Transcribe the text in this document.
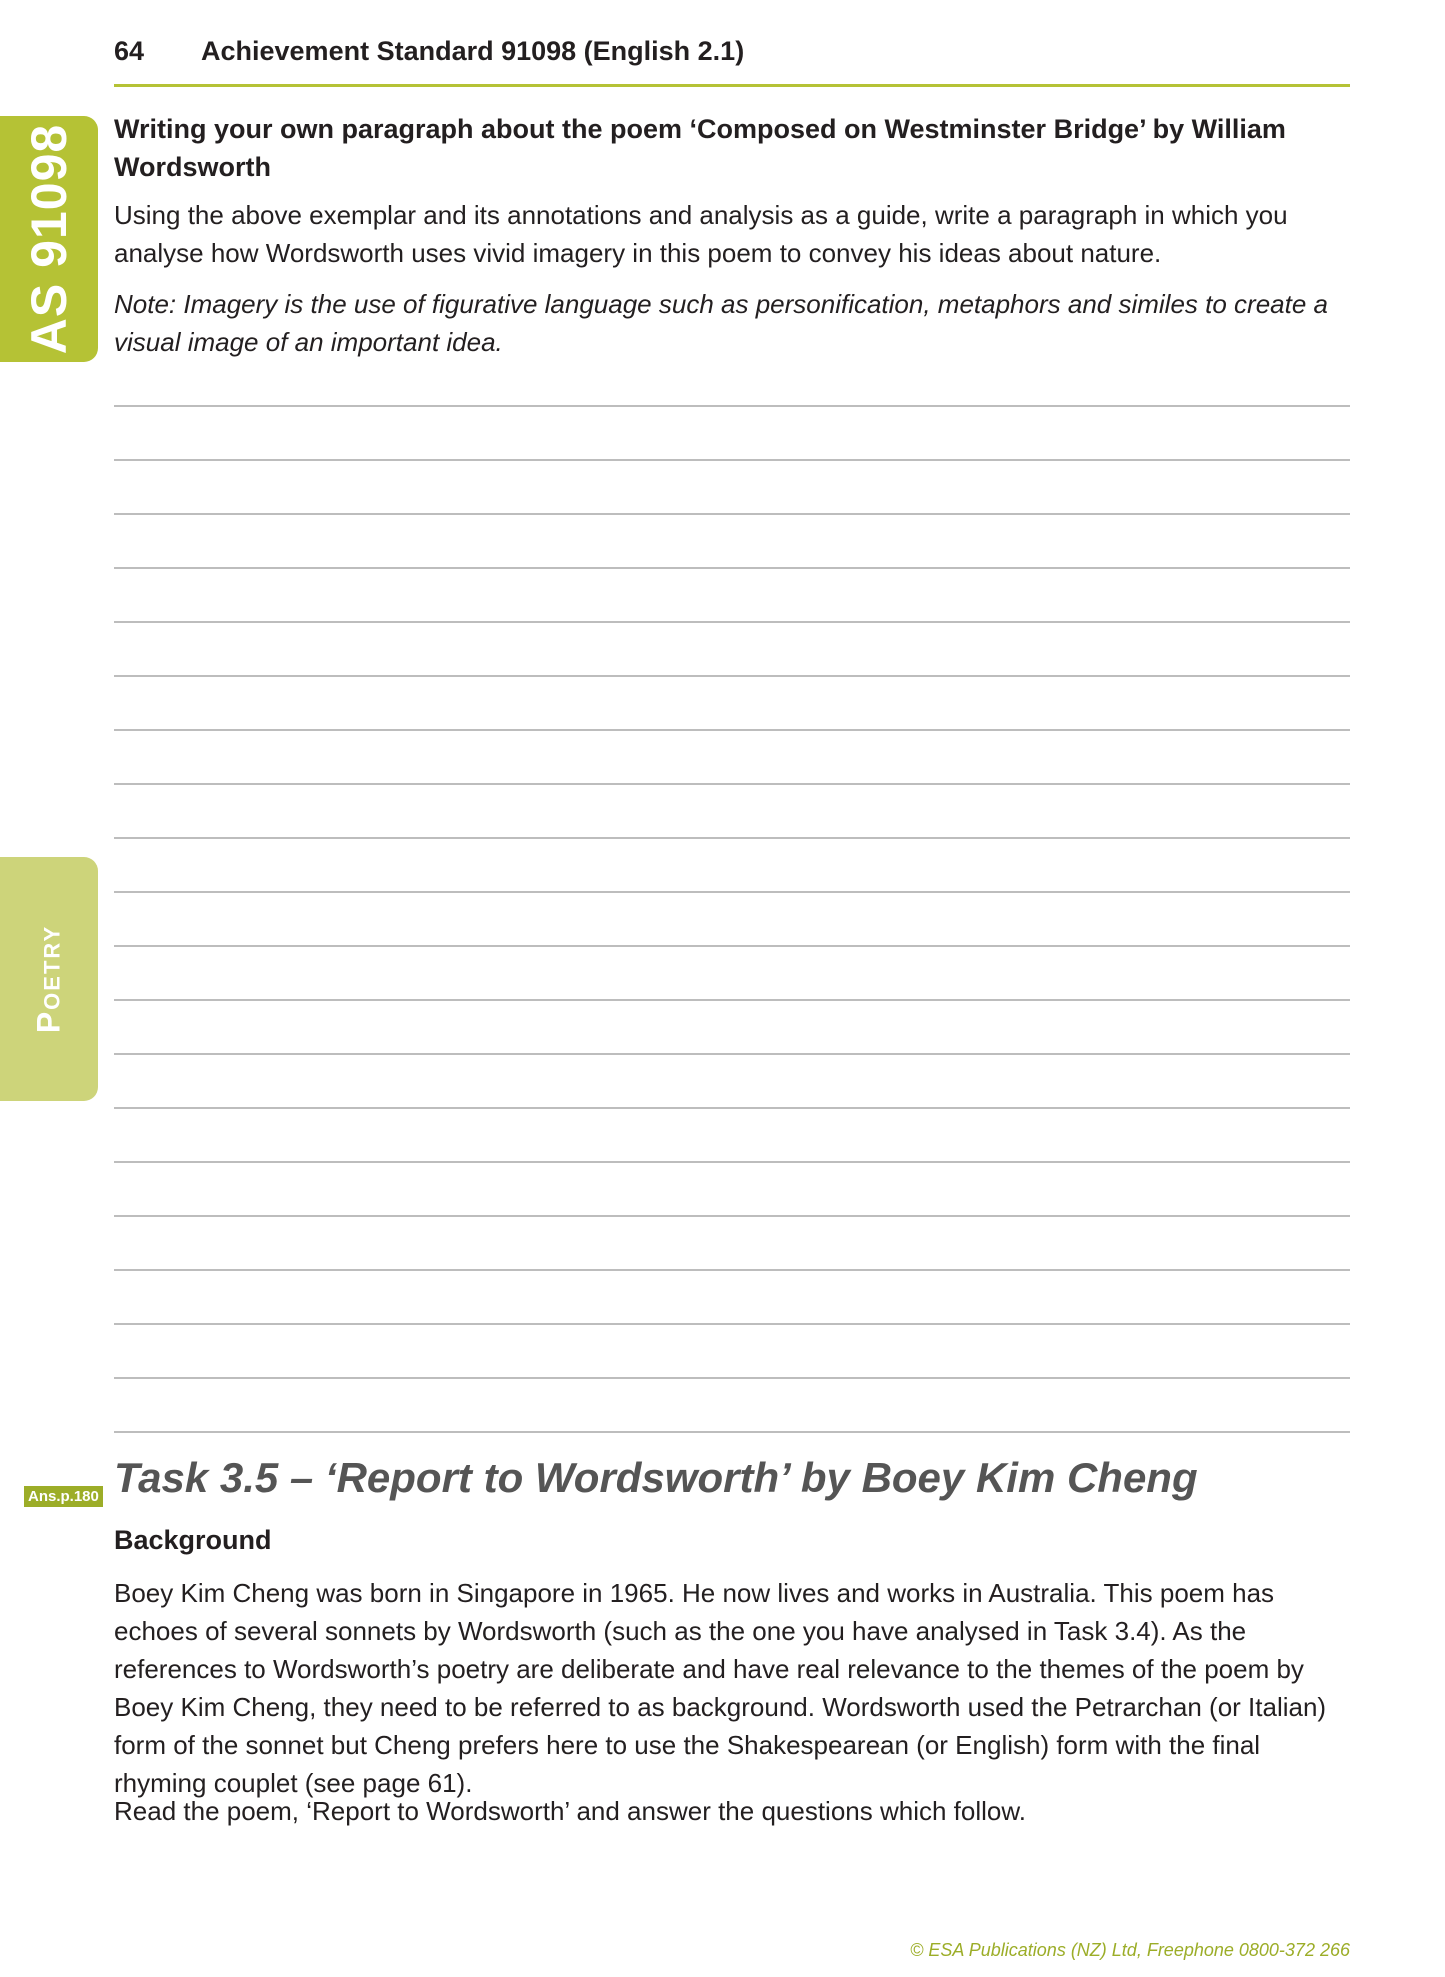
64 Achievement Standard 91098 (English 2.1)
AS 91098
Poetry
Writing your own paragraph about the poem ‘Composed on Westminster Bridge’ by William Wordsworth

Using the above exemplar and its annotations and analysis as a guide, write a paragraph in which you analyse how Wordsworth uses vivid imagery in this poem to convey his ideas about nature.

Note: Imagery is the use of figurative language such as personification, metaphors and similes to create a visual image of an important idea.

Ans.p.180 Task 3.5 – ‘Report to Wordsworth’ by Boey Kim Cheng
Background

Boey Kim Cheng was born in Singapore in 1965. He now lives and works in Australia. This poem has echoes of several sonnets by Wordsworth (such as the one you have analysed in Task 3.4). As the references to Wordsworth’s poetry are deliberate and have real relevance to the themes of the poem by Boey Kim Cheng, they need to be referred to as background. Wordsworth used the Petrarchan (or Italian) form of the sonnet but Cheng prefers here to use the Shakespearean (or English) form with the final rhyming couplet (see page 61).

Read the poem, ‘Report to Wordsworth’ and answer the questions which follow.

© ESA Publications (NZ) Ltd, Freephone 0800-372 266
